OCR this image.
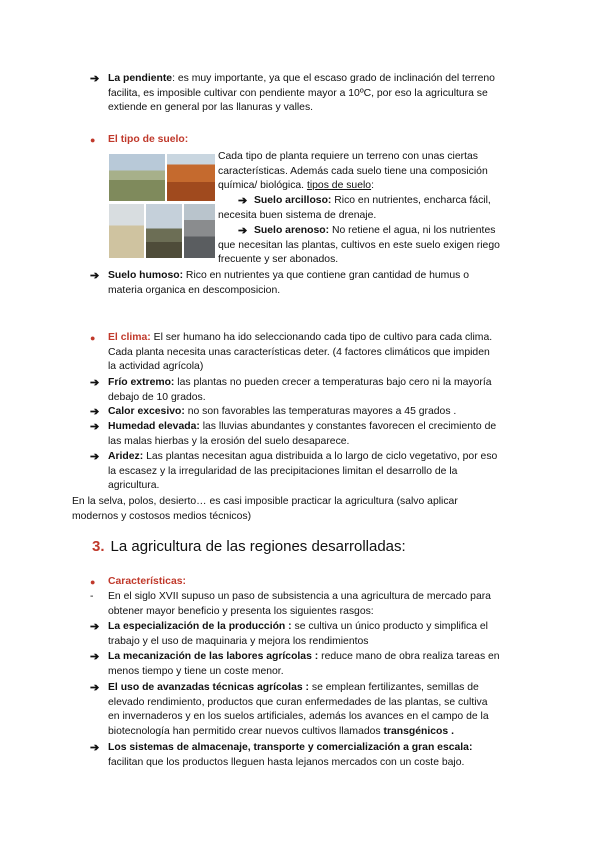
➔ La pendiente: es muy importante, ya que el escaso grado de inclinación del terreno
facilita, es imposible cultivar con pendiente mayor a 10ºC, por eso la agricultura se
extiende en general por las llanuras y valles.
● El tipo de suelo:
Cada tipo de planta requiere un terreno con unas ciertas
características. Además cada suelo tiene una composición
química/ biológica. tipos de suelo:
➔ Suelo arcilloso: Rico en nutrientes, encharca fácil,
necesita buen sistema de drenaje.
➔ Suelo arenoso: No retiene el agua, ni los nutrientes
que necesitan las plantas, cultivos en este suelo exigen riego
frecuente y ser abonados.
➔ Suelo humoso: Rico en nutrientes ya que contiene gran cantidad de humus o
materia organica en descomposicion.
● El clima: El ser humano ha ido seleccionando cada tipo de cultivo para cada clima.
Cada planta necesita unas características deter. (4 factores climáticos que impiden
la actividad agrícola)
➔ Frío extremo: las plantas no pueden crecer a temperaturas bajo cero ni la mayoría
debajo de 10 grados.
➔ Calor excesivo: no son favorables las temperaturas mayores a 45 grados .
➔ Humedad elevada: las lluvias abundantes y constantes favorecen el crecimiento de
las malas hierbas y la erosión del suelo desaparece.
➔ Aridez: Las plantas necesitan agua distribuida a lo largo de ciclo vegetativo, por eso
la escasez y la irregularidad de las precipitaciones limitan el desarrollo de la
agricultura.
En la selva, polos, desierto… es casi imposible practicar la agricultura (salvo aplicar
modernos y costosos medios técnicos)
3. La agricultura de las regiones desarrolladas:
● Características:
- En el siglo XVII supuso un paso de subsistencia a una agricultura de mercado para
obtener mayor beneficio y presenta los siguientes rasgos:
➔ La especialización de la producción : se cultiva un único producto y simplifica el
trabajo y el uso de maquinaria y mejora los rendimientos
➔ La mecanización de las labores agrícolas : reduce mano de obra realiza tareas en
menos tiempo y tiene un coste menor.
➔ El uso de avanzadas técnicas agrícolas : se emplean fertilizantes, semillas de
elevado rendimiento, productos que curan enfermedades de las plantas, se cultiva
en invernaderos y en los suelos artificiales, además los avances en el campo de la
biotecnología han permitido crear nuevos cultivos llamados transgénicos .
➔ Los sistemas de almacenaje, transporte y comercialización a gran escala:
facilitan que los productos lleguen hasta lejanos mercados con un coste bajo.
